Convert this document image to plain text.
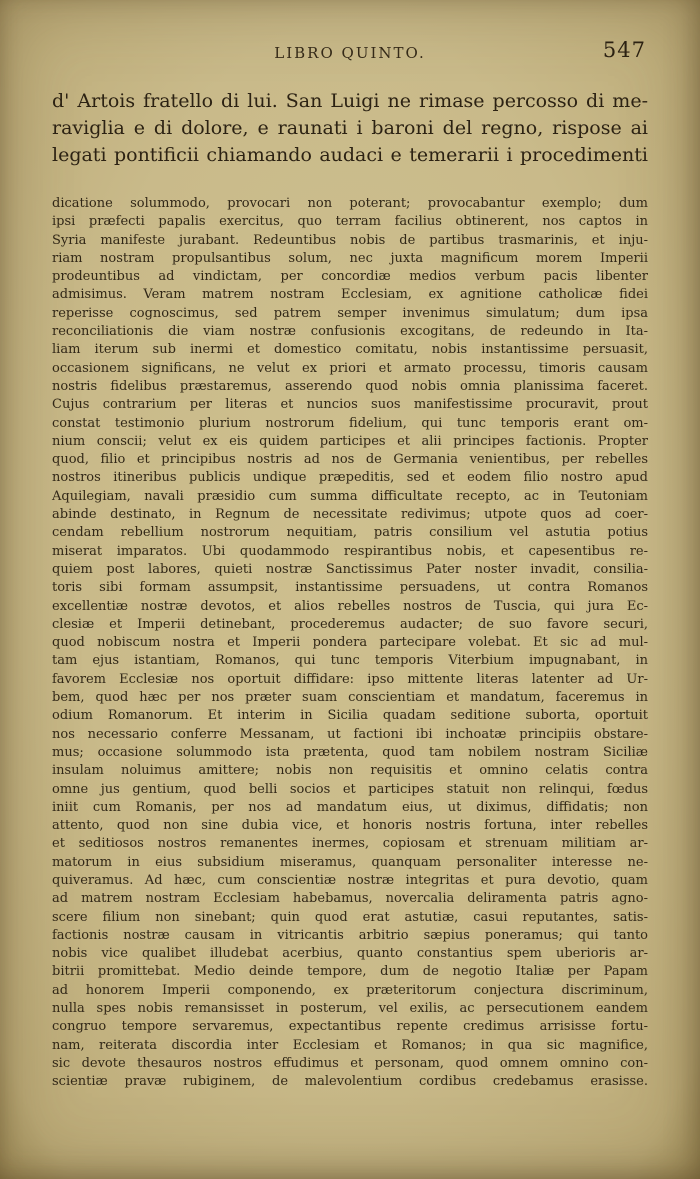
LIBRO QUINTO.	547
d' Artois fratello di lui. San Luigi ne rimase percosso di me-
raviglia e di dolore, e raunati i baroni del regno, rispose ai
legati pontificii chiamando audaci e temerarii i procedimenti
dicatione solummodo, provocari non poterant; provocabantur exemplo; dum
ipsi præfecti papalis exercitus, quo terram facilius obtinerent, nos captos in
Syria manifeste jurabant. Redeuntibus nobis de partibus trasmarinis, et inju-
riam nostram propulsantibus solum, nec juxta magnificum morem Imperii
prodeuntibus ad vindictam, per concordiæ medios verbum pacis libenter
admisimus. Veram matrem nostram Ecclesiam, ex agnitione catholicæ fidei
reperisse cognoscimus, sed patrem semper invenimus simulatum; dum ipsa
reconciliationis die viam nostræ confusionis excogitans, de redeundo in Ita-
liam iterum sub inermi et domestico comitatu, nobis instantissime persuasit,
occasionem significans, ne velut ex priori et armato processu, timoris causam
nostris fidelibus præstaremus, asserendo quod nobis omnia planissima faceret.
Cujus contrarium per literas et nuncios suos manifestissime procuravit, prout
constat testimonio plurium nostrorum fidelium, qui tunc temporis erant om-
nium conscii; velut ex eis quidem participes et alii principes factionis. Propter
quod, filio et principibus nostris ad nos de Germania venientibus, per rebelles
nostros itineribus publicis undique præpeditis, sed et eodem filio nostro apud
Aquilegiam, navali præsidio cum summa difficultate recepto, ac in Teutoniam
abinde destinato, in Regnum de necessitate redivimus; utpote quos ad coer-
cendam rebellium nostrorum nequitiam, patris consilium vel astutia potius
miserat imparatos. Ubi quodammodo respirantibus nobis, et capesentibus re-
quiem post labores, quieti nostræ Sanctissimus Pater noster invadit, consilia-
toris sibi formam assumpsit, instantissime persuadens, ut contra Romanos
excellentiæ nostræ devotos, et alios rebelles nostros de Tuscia, qui jura Ec-
clesiæ et Imperii detinebant, procederemus audacter; de suo favore securi,
quod nobiscum nostra et Imperii pondera partecipare volebat. Et sic ad mul-
tam ejus istantiam, Romanos, qui tunc temporis Viterbium impugnabant, in
favorem Ecclesiæ nos oportuit diffidare: ipso mittente literas latenter ad Ur-
bem, quod hæc per nos præter suam conscientiam et mandatum, faceremus in
odium Romanorum. Et interim in Sicilia quadam seditione suborta, oportuit
nos necessario conferre Messanam, ut factioni ibi inchoatæ principiis obstare-
mus; occasione solummodo ista prætenta, quod tam nobilem nostram Siciliæ
insulam noluimus amittere; nobis non requisitis et omnino celatis contra
omne jus gentium, quod belli socios et participes statuit non relinqui, fœdus
iniit cum Romanis, per nos ad mandatum eius, ut diximus, diffidatis; non
attento, quod non sine dubia vice, et honoris nostris fortuna, inter rebelles
et seditiosos nostros remanentes inermes, copiosam et strenuam militiam ar-
matorum in eius subsidium miseramus, quanquam personaliter interesse ne-
quiveramus. Ad hæc, cum conscientiæ nostræ integritas et pura devotio, quam
ad matrem nostram Ecclesiam habebamus, novercalia deliramenta patris agno-
scere filium non sinebant; quin quod erat astutiæ, casui reputantes, satis-
factionis nostræ causam in vitricantis arbitrio sæpius poneramus; qui tanto
nobis vice qualibet illudebat acerbius, quanto constantius spem uberioris ar-
bitrii promittebat. Medio deinde tempore, dum de negotio Italiæ per Papam
ad honorem Imperii componendo, ex præteritorum conjectura discriminum,
nulla spes nobis remansisset in posterum, vel exilis, ac persecutionem eandem
congruo tempore servaremus, expectantibus repente credimus arrisisse fortu-
nam, reiterata discordia inter Ecclesiam et Romanos; in qua sic magnifice,
sic devote thesauros nostros effudimus et personam, quod omnem omnino con-
scientiæ pravæ rubiginem, de malevolentium cordibus credebamus erasisse.
